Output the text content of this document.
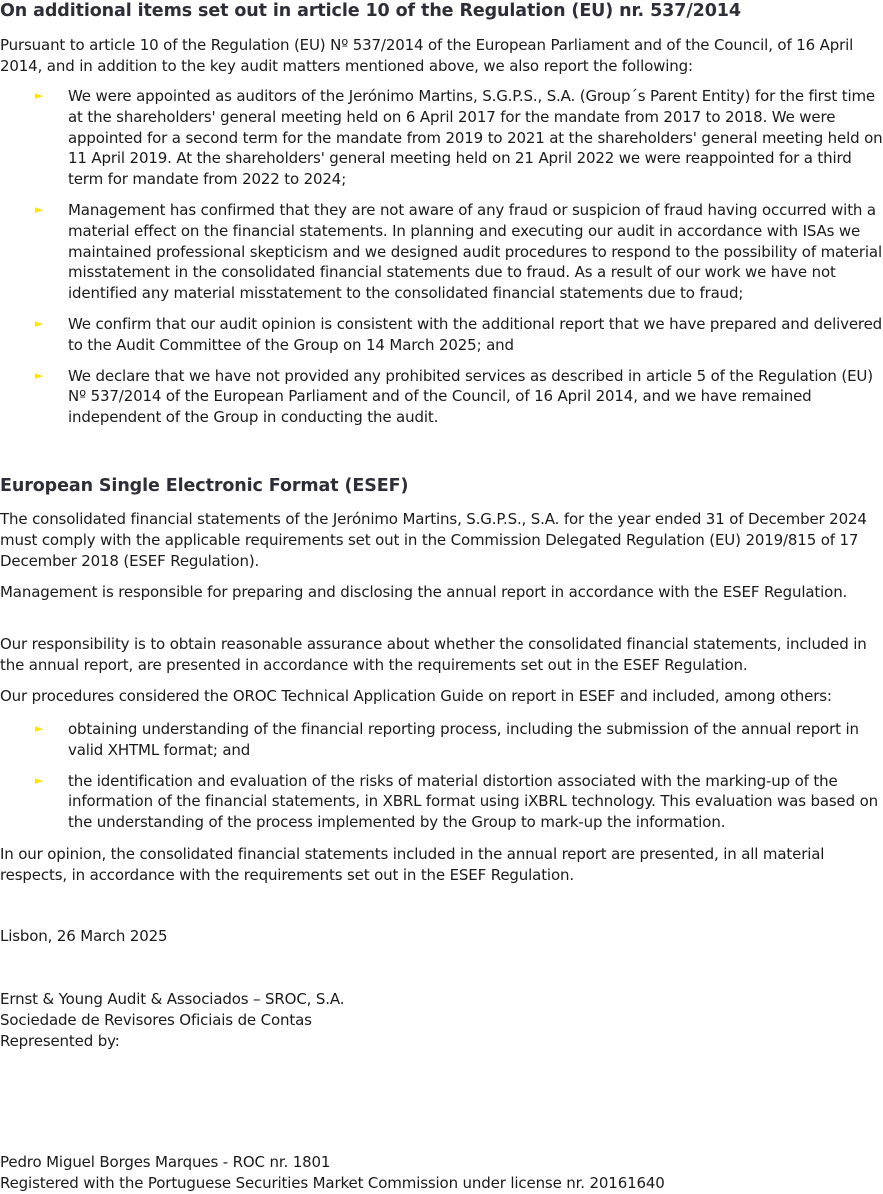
On additional items set out in article 10 of the Regulation (EU) nr. 537/2014

Pursuant to article 10 of the Regulation (EU) Nº 537/2014 of the European Parliament and of the Council, of 16 April 2014, and in addition to the key audit matters mentioned above, we also report the following:

► We were appointed as auditors of the Jerónimo Martins, S.G.P.S., S.A. (Group´s Parent Entity) for the first time at the shareholders' general meeting held on 6 April 2017 for the mandate from 2017 to 2018. We were appointed for a second term for the mandate from 2019 to 2021 at the shareholders' general meeting held on 11 April 2019. At the shareholders' general meeting held on 21 April 2022 we were reappointed for a third term for mandate from 2022 to 2024;
► Management has confirmed that they are not aware of any fraud or suspicion of fraud having occurred with a material effect on the financial statements. In planning and executing our audit in accordance with ISAs we maintained professional skepticism and we designed audit procedures to respond to the possibility of material misstatement in the consolidated financial statements due to fraud. As a result of our work we have not identified any material misstatement to the consolidated financial statements due to fraud;
► We confirm that our audit opinion is consistent with the additional report that we have prepared and delivered to the Audit Committee of the Group on 14 March 2025; and
► We declare that we have not provided any prohibited services as described in article 5 of the Regulation (EU) Nº 537/2014 of the European Parliament and of the Council, of 16 April 2014, and we have remained independent of the Group in conducting the audit.
European Single Electronic Format (ESEF)

The consolidated financial statements of the Jerónimo Martins, S.G.P.S., S.A. for the year ended 31 of December 2024 must comply with the applicable requirements set out in the Commission Delegated Regulation (EU) 2019/815 of 17 December 2018 (ESEF Regulation).

Management is responsible for preparing and disclosing the annual report in accordance with the ESEF Regulation.

Our responsibility is to obtain reasonable assurance about whether the consolidated financial statements, included in the annual report, are presented in accordance with the requirements set out in the ESEF Regulation.

Our procedures considered the OROC Technical Application Guide on report in ESEF and included, among others:

► obtaining understanding of the financial reporting process, including the submission of the annual report in valid XHTML format; and
► the identification and evaluation of the risks of material distortion associated with the marking-up of the information of the financial statements, in XBRL format using iXBRL technology. This evaluation was based on the understanding of the process implemented by the Group to mark-up the information.

In our opinion, the consolidated financial statements included in the annual report are presented, in all material respects, in accordance with the requirements set out in the ESEF Regulation.

Lisbon, 26 March 2025

Ernst & Young Audit & Associados – SROC, S.A.

Sociedade de Revisores Oficiais de Contas

Represented by:

Pedro Miguel Borges Marques - ROC nr. 1801

Registered with the Portuguese Securities Market Commission under license nr. 20161640
